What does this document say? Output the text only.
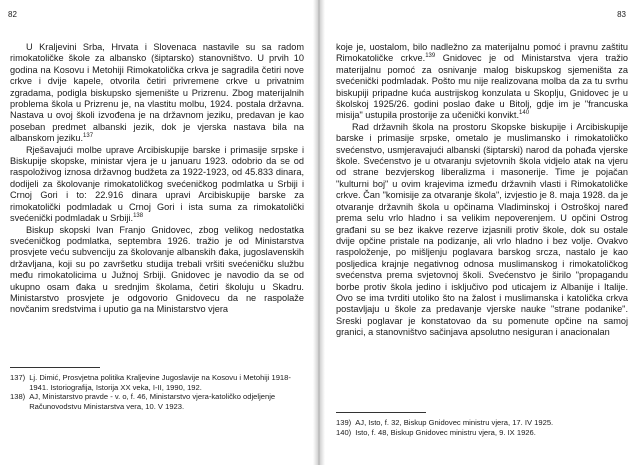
82

U Kraljevini Srba, Hrvata i Slovenaca nastavile su sa radom rimokatoličke škole za albansko (šiptarsko) stanovništvo. U prvih 10 godina na Kosovu i Metohiji Rimokatolička crkva je sagradila četiri nove crkve i dvije kapele, otvorila četiri privremene crkve u privatnim zgradama, podigla biskupsko sjemenište u Prizrenu. Zbog materijalnih problema škola u Prizrenu je, na vlastitu molbu, 1924. postala državna. Nastava u ovoj školi izvođena je na državnom jeziku, predavan je kao poseban predmet albanski jezik, dok je vjerska nastava bila na albanskom jeziku.$^{137}$

Rješavajući molbe uprave Arcibiskupije barske i primasije srpske i Biskupije skopske, ministar vjera je u januaru 1923. odobrio da se od raspoloživog iznosa državnog budžeta za 1922-1923, od 45.833 dinara, dodijeli za školovanje rimokatoličkog svećeničkog podmlatka u Srbiji i Crnoj Gori i to: 22.916 dinara upravi Arcibiskupije barske za rimokatolički podmladak u Crnoj Gori i ista suma za rimokatolički svećenički podmladak u Srbiji.$^{138}$

Biskup skopski Ivan Franjo Gnidovec, zbog velikog nedostatka svećeničkog podmlatka, septembra 1926. tražio je od Ministarstva prosvjete veću subvenciju za školovanje albanskih đaka, jugoslavenskih državljana, koji su po završetku studija trebali vršiti svećeničku službu među rimokatolicima u Južnoj Srbiji. Gnidovec je navodio da se od ukupno osam đaka u srednjim školama, četiri školuju u Skadru. Ministarstvo prosvjete je odgovorio Gnidovecu da ne raspolaže novčanim sredstvima i uputio ga na Ministarstvo vjera

137) Lj. Dimić, Prosvjetna politika Kraljevine Jugoslavije na Kosovu i Metohiji 1918-1941. Istoriografija, Istorija XX veka, I-II, 1990, 192.
138) AJ, Ministarstvo pravde - v. o, f. 46, Ministarstvo vjera-katoličko odjeljenje Računovodstvu Ministarstva vera, 10. V 1923.
83

koje je, uostalom, bilo nadležno za materijalnu pomoć i pravnu zaštitu Rimokatoličke crkve.$^{139}$ Gnidovec je od Ministarstva vjera tražio materijalnu pomoć za osnivanje malog biskupskog sjemeništa za svećenički podmladak. Pošto mu nije realizovana molba da za tu svrhu biskupiji pripadne kuća austrijskog konzulata u Skoplju, Gnidovec je u školskoj 1925/26. godini poslao đake u Bitolj, gdje im je "francuska misija" ustupila prostorije za učenički konvikt.$^{140}$

Rad državnih škola na prostoru Skopske biskupije i Arcibiskupije barske i primasije srpske, ometalo je muslimansko i rimokatoličko svećenstvo, usmjeravajući albanski (šiptarski) narod da pohađa vjerske škole. Svećenstvo je u otvaranju svjetovnih škola vidjelo atak na vjeru od strane bezvjerskog liberalizma i masonerije. Time je pojačan "kulturni boj" u ovim krajevima između državnih vlasti i Rimokatoličke crkve. Čan "komisije za otvaranje škola", izvjestio je 8. maja 1928. da je otvaranje državnih škola u opčinama Vladiminskoj i Ostroškoj naređ prema selu vrlo hladno i sa velikim nepoverenjem. U opčini Ostrog građani su se bez ikakve rezerve izjasnili protiv škole, dok su ostale dvije opčine pristale na podizanje, ali vrlo hladno i bez volje. Ovakvo raspoloženje, po mišljenju poglavara barskog srcza, nastalo je kao posljedica krajnje negativnog odnosa muslimanskog i rimokatoličkog svećenstva prema svjetovnoj školi. Svećenstvo je širilo "propagandu borbe protiv škola jedino i isključivo pod uticajem iz Albanije i Italije. Ovo se ima tvrditi utoliko što na žalost i muslimanska i katolička crkva postavljaju u škole za predavanje vjerske nauke "strane podanike". Sreski poglavar je konstatovao da su pomenute opčine na samoj granici, a stanovništvo sačinjava apsolutno nesiguran i anacionalan

139) AJ, Isto, f. 32, Biskup Gnidovec ministru vjera, 17. IV 1925.
140) Isto, f. 48, Biskup Gnidovec ministru vjera, 9. IX 1926.
